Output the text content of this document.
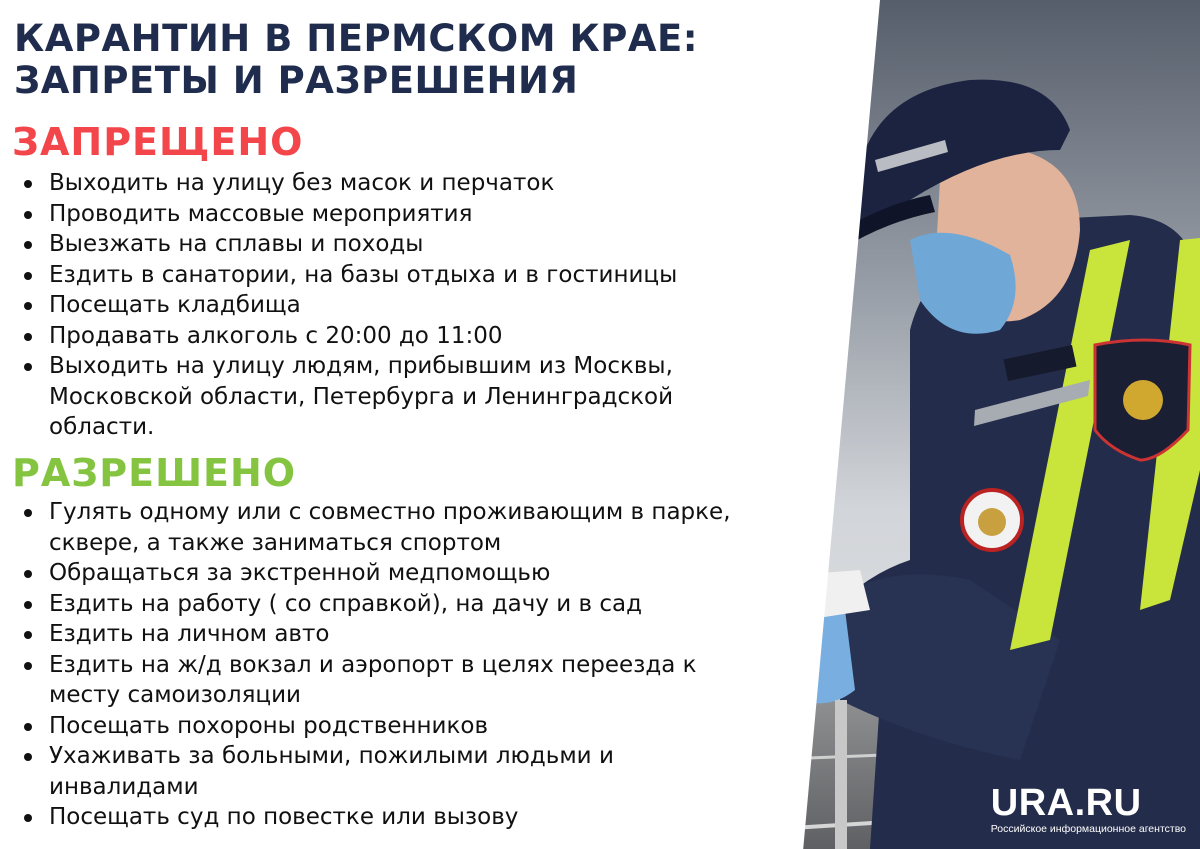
КАРАНТИН В ПЕРМСКОМ КРАЕ:
ЗАПРЕТЫ И РАЗРЕШЕНИЯ
ЗАПРЕЩЕНО
Выходить на улицу без масок и перчаток
Проводить массовые мероприятия
Выезжать на сплавы и походы
Ездить в санатории, на базы отдыха и в гостиницы
Посещать кладбища
Продавать алкоголь с 20:00 до 11:00
Выходить на улицу людям, прибывшим из Москвы, Московской области, Петербурга и Ленинградской области.
РАЗРЕШЕНО
Гулять одному или с совместно проживающим в парке, сквере, а также заниматься спортом
Обращаться за экстренной медпомощью
Ездить на работу ( со справкой), на дачу и в сад
Ездить на личном авто
Ездить на ж/д вокзал и аэропорт в целях переезда к месту самоизоляции
Посещать похороны родственников
Ухаживать за больными, пожилыми людьми и инвалидами
Посещать суд по повестке или вызову	URA.RU
Российское информационное агентство
